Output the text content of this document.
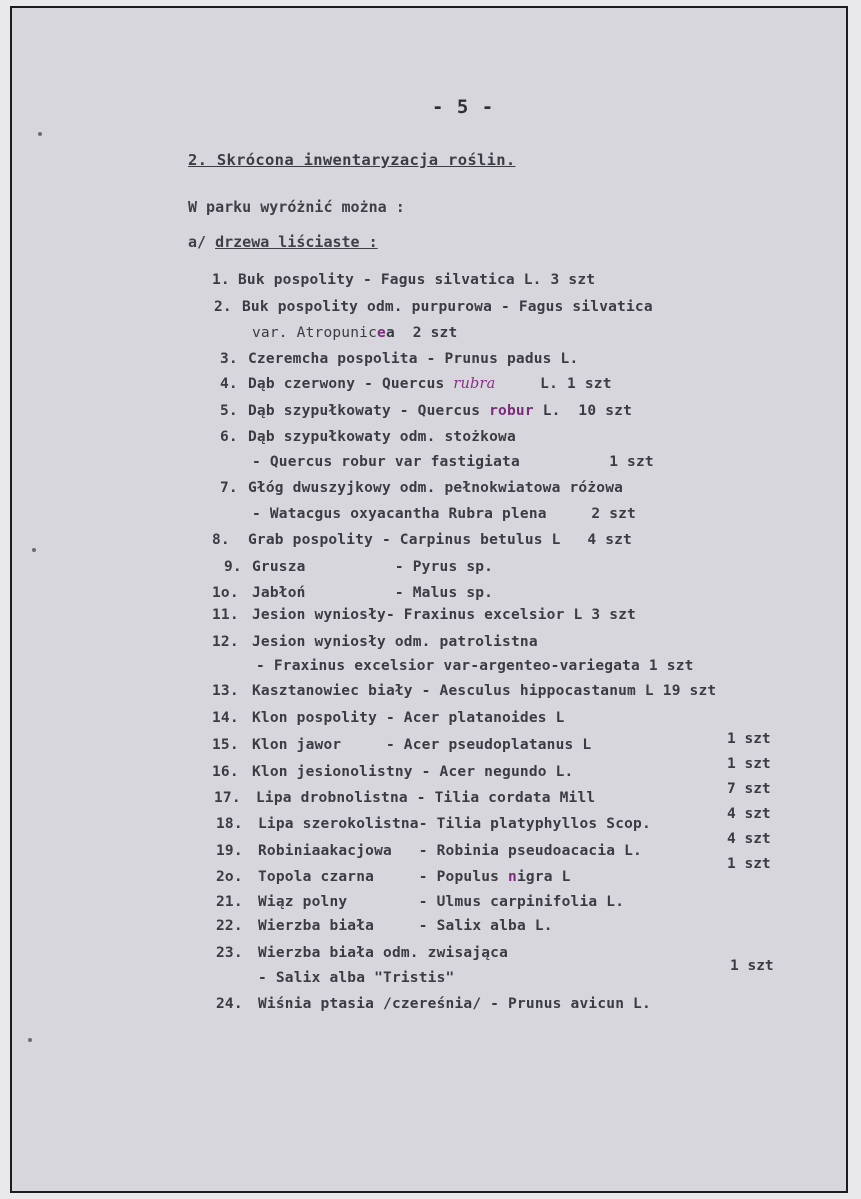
- 5 -
2. Skrócona inwentaryzacja roślin.
W parku wyróżnić można :
a/ drzewa liściaste :
1. Buk pospolity - Fagus silvatica L. 3 szt
2. Buk pospolity odm. purpurowa - Fagus silvatica
var. Atropunicea  2 szt
3. Czeremcha pospolita - Prunus padus L.
4. Dąb czerwony - Quercus rubra     L. 1 szt
5. Dąb szypułkowaty - Quercus robur L.  10 szt
6. Dąb szypułkowaty odm. stożkowa
- Quercus robur var fastigiata          1 szt
7. Głóg dwuszyjkowy odm. pełnokwiatowa różowa
- Watacgus oxyacantha Rubra plena     2 szt
8. Grab pospolity - Carpinus betulus L   4 szt
9. Grusza          - Pyrus sp.
1o. Jabłoń          - Malus sp.
11. Jesion wyniosły- Fraxinus excelsior L 3 szt
12. Jesion wyniosły odm. patrolistna
- Fraxinus excelsior var-argenteo-variegata 1 szt
13. Kasztanowiec biały - Aesculus hippocastanum L 19 szt
14. Klon pospolity - Acer platanoides L
15. Klon jawor     - Acer pseudoplatanus L
16. Klon jesionolistny - Acer negundo L.
17. Lipa drobnolistna - Tilia cordata Mill
18. Lipa szerokolistna- Tilia platyphyllos Scop.
19. Robiniaakacjowa   - Robinia pseudoacacia L.
2o. Topola czarna     - Populus nigra L
21. Wiąz polny        - Ulmus carpinifolia L.
22. Wierzba biała     - Salix alba L.
23. Wierzba biała odm. zwisająca
- Salix alba "Tristis"
24. Wiśnia ptasia /czereśnia/ - Prunus avicun L.
1 szt
1 szt
7 szt
4 szt
4 szt
1 szt
1 szt
